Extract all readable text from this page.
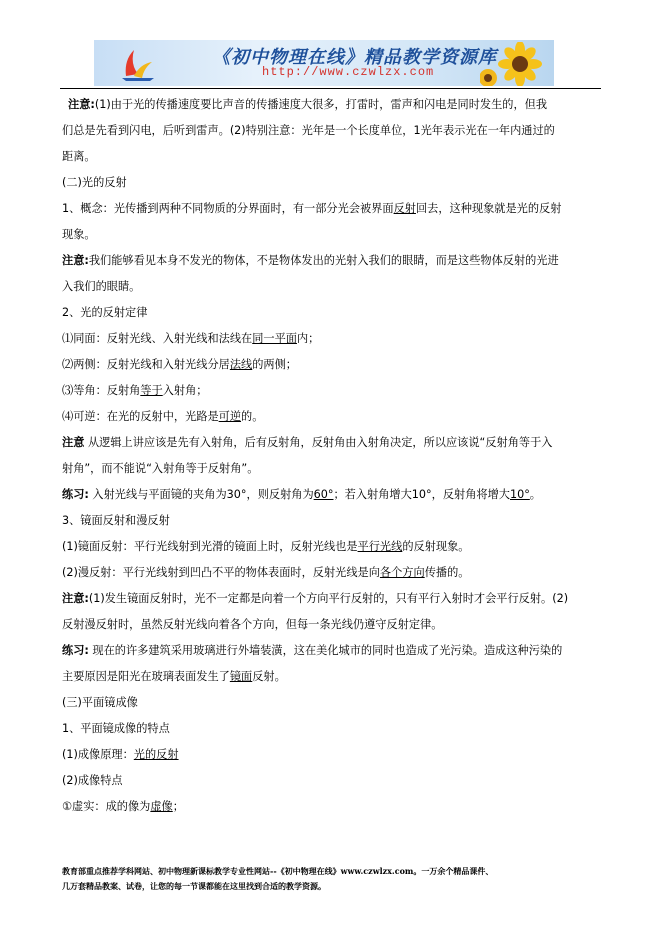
《初中物理在线》精品教学资源库
http://www.czwlzx.com

注意:(1)由于光的传播速度要比声音的传播速度大很多，打雷时，雷声和闪电是同时发生的，但我

们总是先看到闪电，后听到雷声。(2)特别注意：光年是一个长度单位，1光年表示光在一年内通过的

距离。

(二)光的反射

1、概念：光传播到两种不同物质的分界面时，有一部分光会被界面反射回去，这种现象就是光的反射

现象。

注意:我们能够看见本身不发光的物体，不是物体发出的光射入我们的眼睛，而是这些物体反射的光进

入我们的眼睛。

2、光的反射定律

⑴同面：反射光线、入射光线和法线在同一平面内；

⑵两侧：反射光线和入射光线分居法线的两侧；

⑶等角：反射角等于入射角；

⑷可逆：在光的反射中，光路是可逆的。

注意 从逻辑上讲应该是先有入射角，后有反射角，反射角由入射角决定，所以应该说“反射角等于入

射角”，而不能说“入射角等于反射角”。

练习: 入射光线与平面镜的夹角为30°，则反射角为60°；若入射角增大10°，反射角将增大10°。

3、镜面反射和漫反射

(1)镜面反射：平行光线射到光滑的镜面上时，反射光线也是平行光线的反射现象。

(2)漫反射：平行光线射到凹凸不平的物体表面时，反射光线是向各个方向传播的。

注意:(1)发生镜面反射时，光不一定都是向着一个方向平行反射的，只有平行入射时才会平行反射。(2)

反射漫反射时，虽然反射光线向着各个方向，但每一条光线仍遵守反射定律。

练习: 现在的许多建筑采用玻璃进行外墙装潢，这在美化城市的同时也造成了光污染。造成这种污染的

主要原因是阳光在玻璃表面发生了镜面反射。

(三)平面镜成像

1、平面镜成像的特点

(1)成像原理：光的反射

(2)成像特点

①虚实：成的像为虚像；

教育部重点推荐学科网站、初中物理新课标教学专业性网站--《初中物理在线》www.czwlzx.com。一万余个精品课件、
几万套精品教案、试卷，让您的每一节课都能在这里找到合适的教学资源。
